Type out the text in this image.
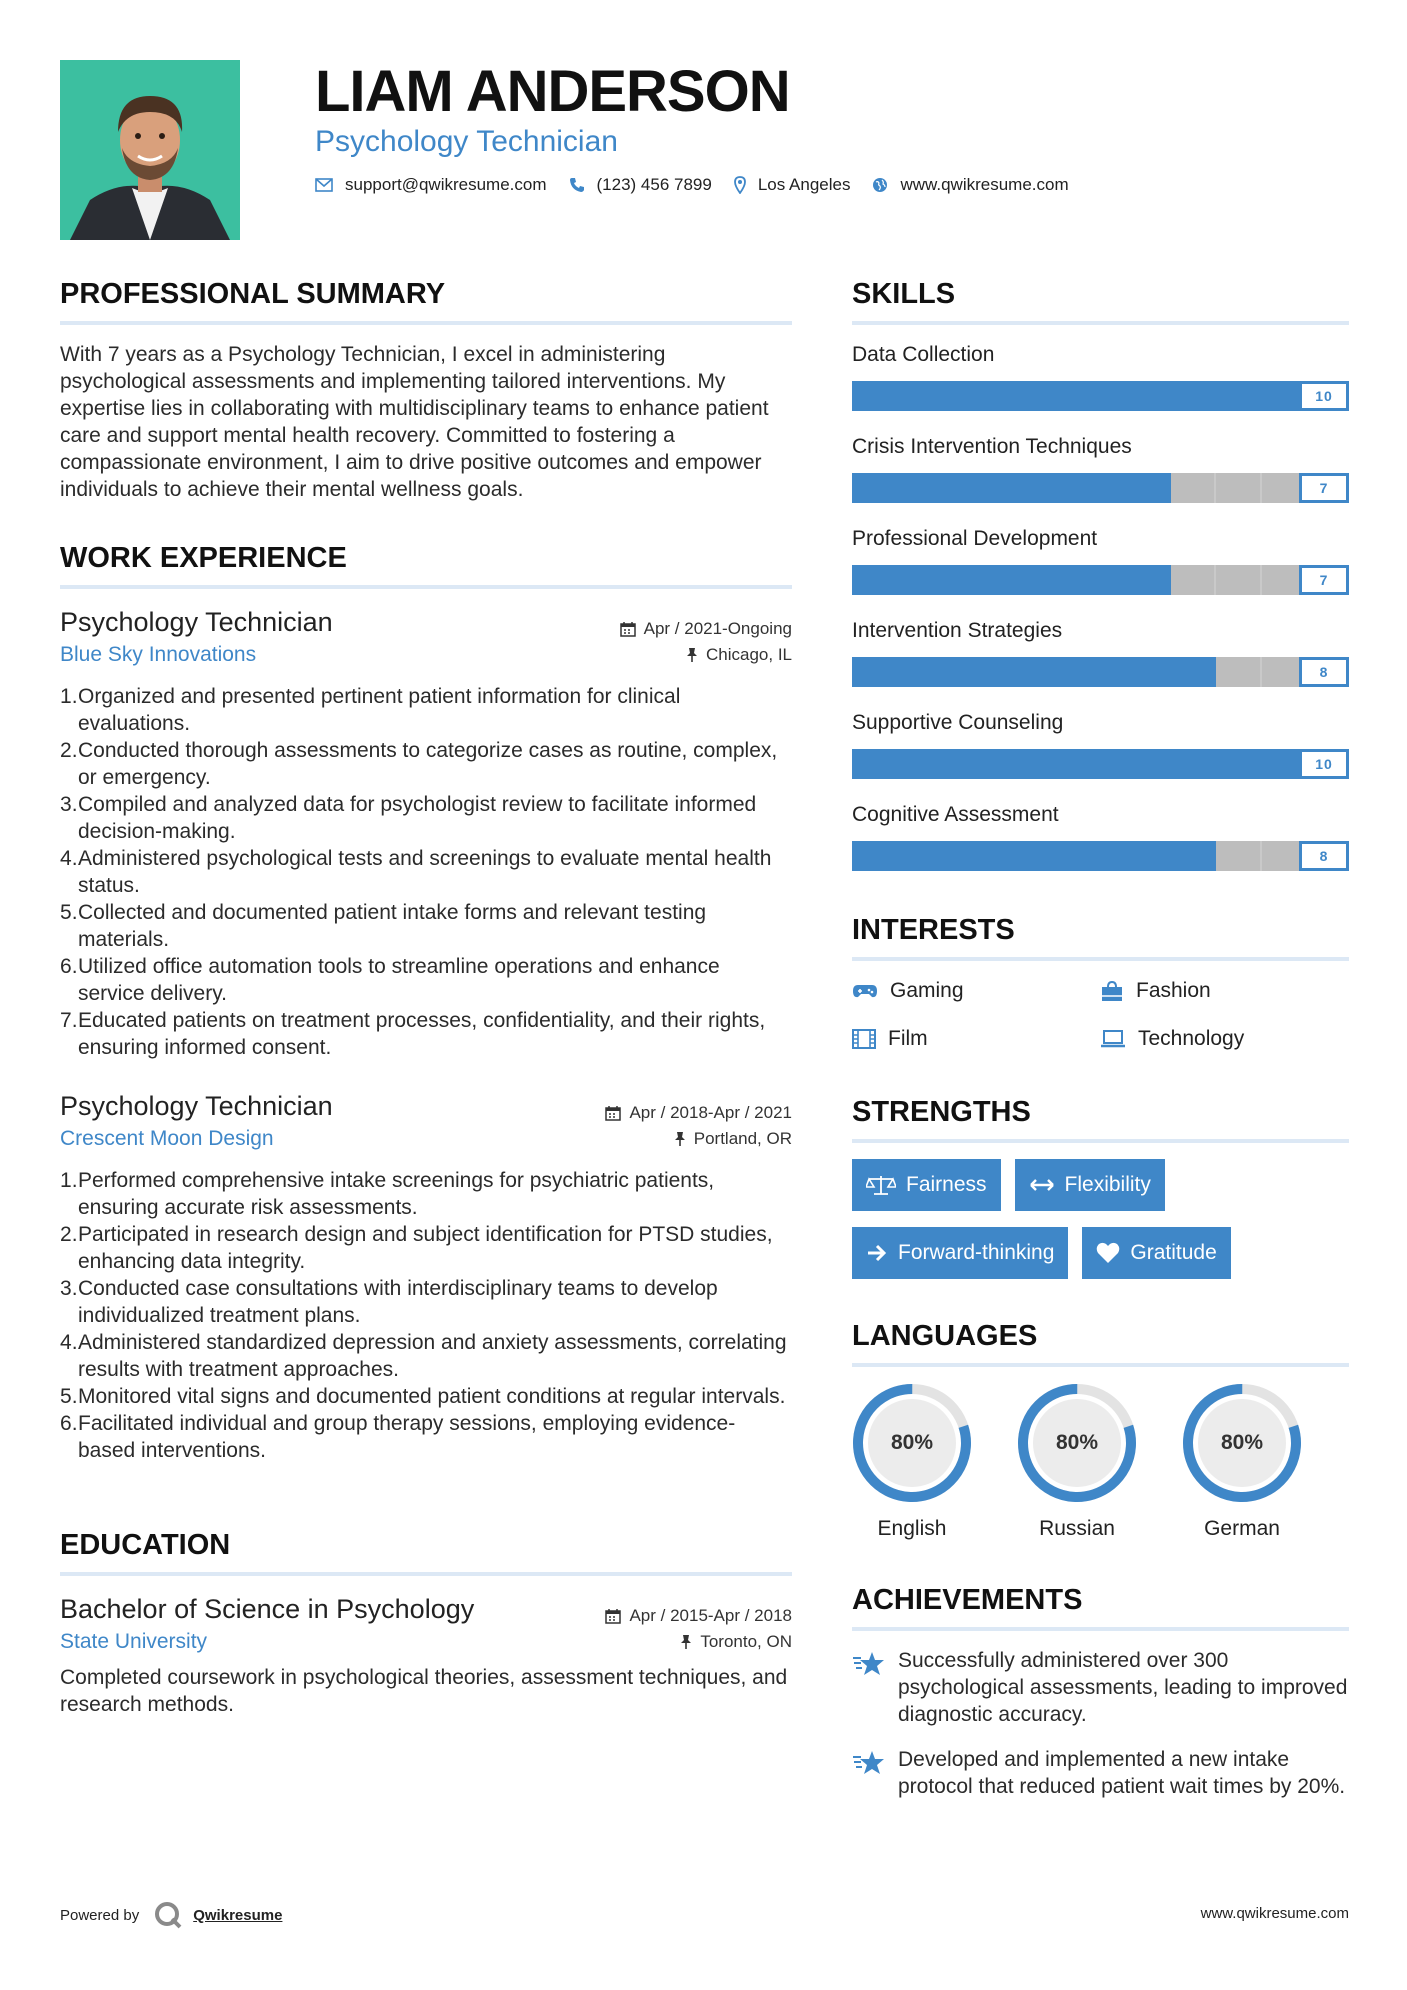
LIAM ANDERSON
Psychology Technician
support@qwikresume.com	(123) 456 7899	Los Angeles	www.qwikresume.com
PROFESSIONAL SUMMARY

With 7 years as a Psychology Technician, I excel in administering psychological assessments and implementing tailored interventions. My expertise lies in collaborating with multidisciplinary teams to enhance patient care and support mental health recovery. Committed to fostering a compassionate environment, I aim to drive positive outcomes and empower individuals to achieve their mental wellness goals.

WORK EXPERIENCE
Psychology Technician	Apr / 2021-Ongoing
Blue Sky Innovations	Chicago, IL
Organized and presented pertinent patient information for clinical evaluations.
Conducted thorough assessments to categorize cases as routine, complex, or emergency.
Compiled and analyzed data for psychologist review to facilitate informed decision-making.
Administered psychological tests and screenings to evaluate mental health status.
Collected and documented patient intake forms and relevant testing materials.
Utilized office automation tools to streamline operations and enhance service delivery.
Educated patients on treatment processes, confidentiality, and their rights, ensuring informed consent.
Psychology Technician	Apr / 2018-Apr / 2021
Crescent Moon Design	Portland, OR
Performed comprehensive intake screenings for psychiatric patients, ensuring accurate risk assessments.
Participated in research design and subject identification for PTSD studies, enhancing data integrity.
Conducted case consultations with interdisciplinary teams to develop individualized treatment plans.
Administered standardized depression and anxiety assessments, correlating results with treatment approaches.
Monitored vital signs and documented patient conditions at regular intervals.
Facilitated individual and group therapy sessions, employing evidence-based interventions.
EDUCATION
Bachelor of Science in Psychology	Apr / 2015-Apr / 2018
State University	Toronto, ON

Completed coursework in psychological theories, assessment techniques, and research methods.

SKILLS
Data Collection
10
Crisis Intervention Techniques
7
Professional Development
7
Intervention Strategies
8
Supportive Counseling
10
Cognitive Assessment
8
INTERESTS
Gaming	Fashion
Film	Technology
STRENGTHS
Fairness	Flexibility
Forward-thinking	Gratitude
LANGUAGES
80%
English
80%
Russian
80%
German
ACHIEVEMENTS
Successfully administered over 300 psychological assessments, leading to improved diagnostic accuracy.
Developed and implemented a new intake protocol that reduced patient wait times by 20%.
Powered by	Qwikresume	www.qwikresume.com
